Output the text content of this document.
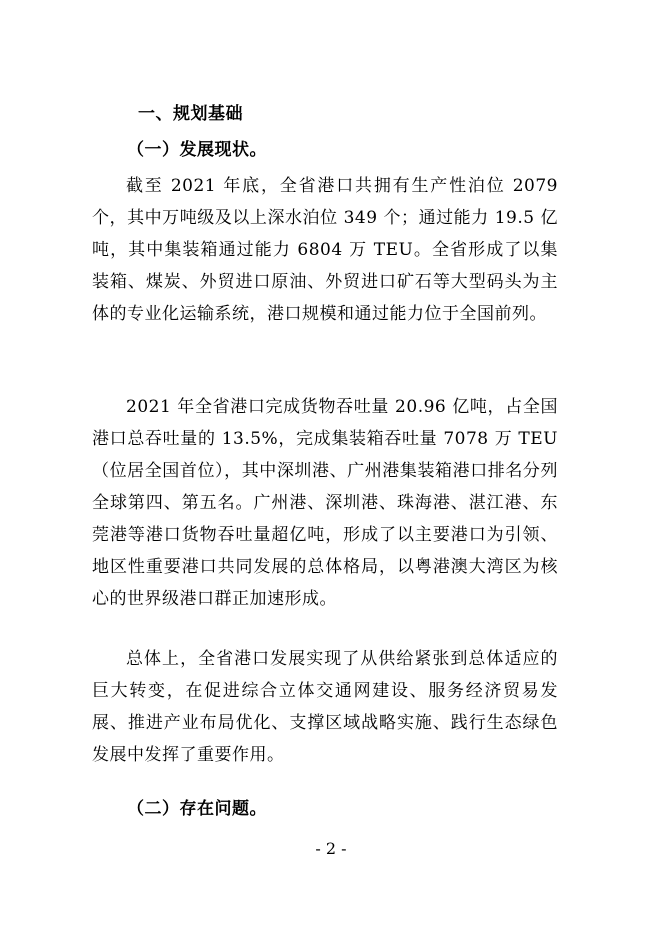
一、规划基础
（一）发展现状。

截至 2021 年底，全省港口共拥有生产性泊位 2079 个，其中万吨级及以上深水泊位 349 个；通过能力 19.5 亿吨，其中集装箱通过能力 6804 万 TEU。全省形成了以集装箱、煤炭、外贸进口原油、外贸进口矿石等大型码头为主体的专业化运输系统，港口规模和通过能力位于全国前列。

2021 年全省港口完成货物吞吐量 20.96 亿吨，占全国港口总吞吐量的 13.5%，完成集装箱吞吐量 7078 万 TEU（位居全国首位），其中深圳港、广州港集装箱港口排名分列全球第四、第五名。广州港、深圳港、珠海港、湛江港、东莞港等港口货物吞吐量超亿吨，形成了以主要港口为引领、地区性重要港口共同发展的总体格局，以粤港澳大湾区为核心的世界级港口群正加速形成。

总体上，全省港口发展实现了从供给紧张到总体适应的巨大转变，在促进综合立体交通网建设、服务经济贸易发展、推进产业布局优化、支撑区域战略实施、践行生态绿色发展中发挥了重要作用。

（二）存在问题。
- 2 -
